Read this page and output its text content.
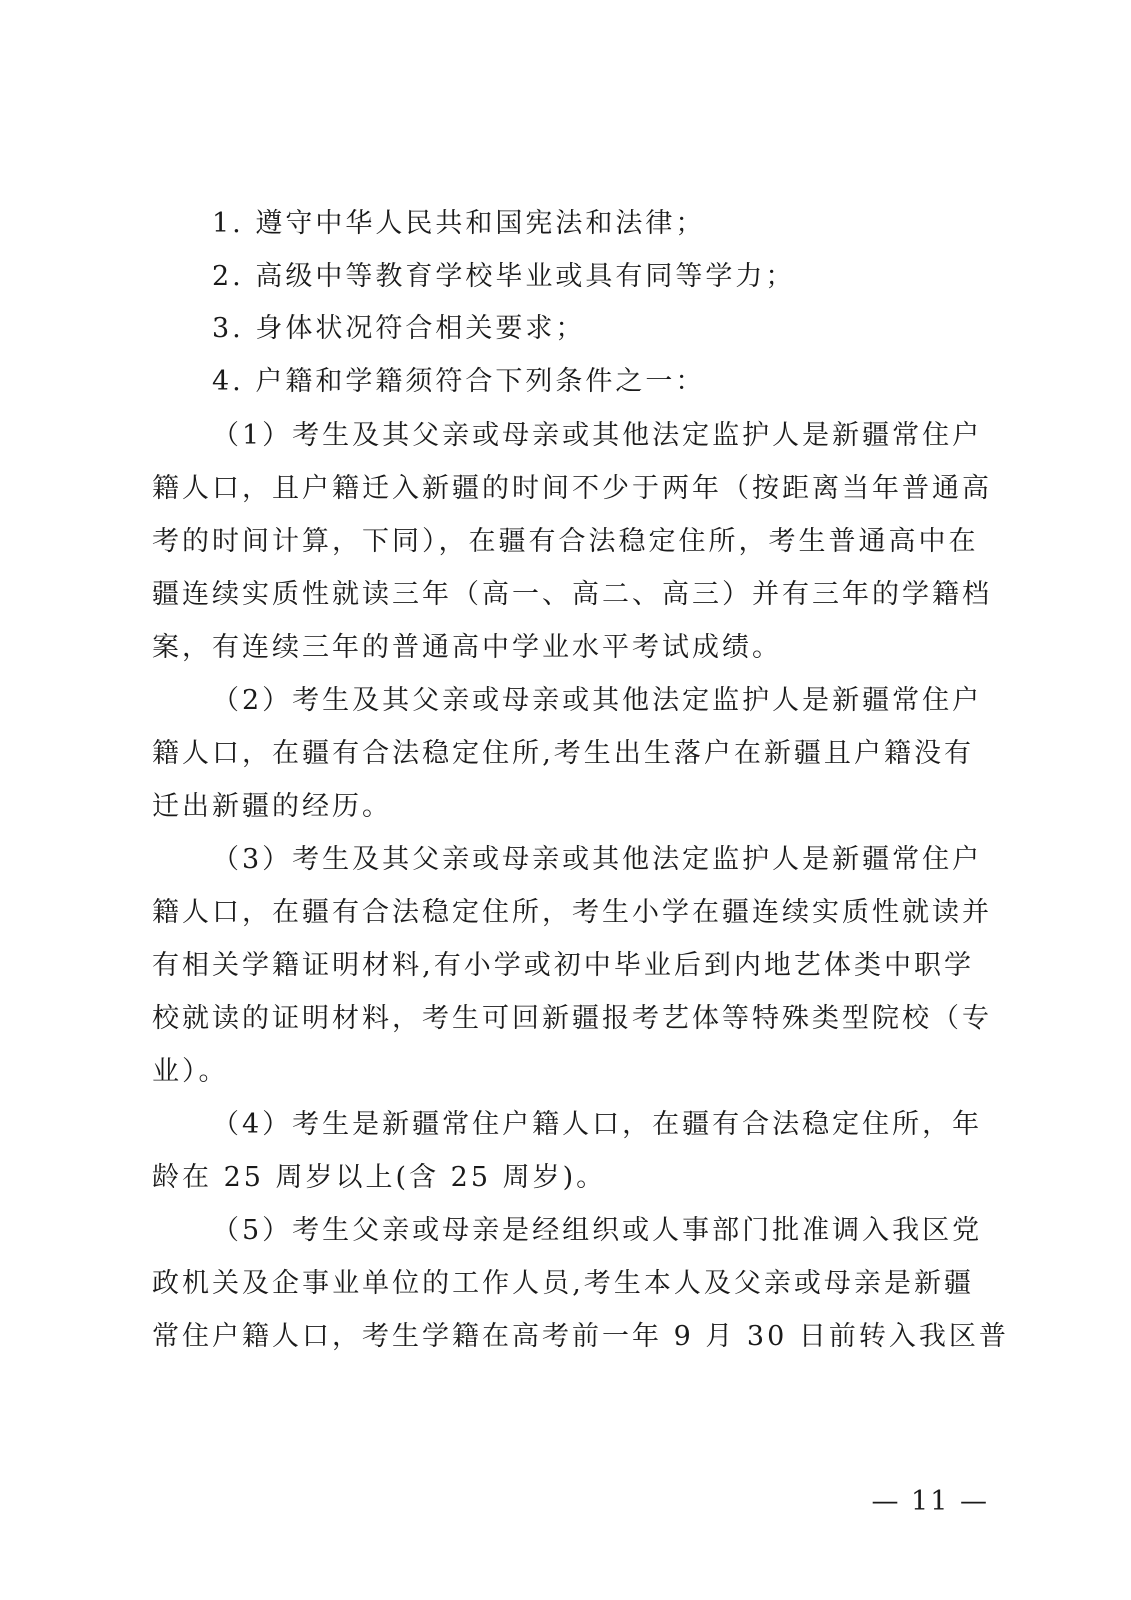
1. 遵守中华人民共和国宪法和法律；
2. 高级中等教育学校毕业或具有同等学力；
3. 身体状况符合相关要求；
4. 户籍和学籍须符合下列条件之一：
（1）考生及其父亲或母亲或其他法定监护人是新疆常住户
籍人口，且户籍迁入新疆的时间不少于两年（按距离当年普通高
考的时间计算，下同），在疆有合法稳定住所，考生普通高中在
疆连续实质性就读三年（高一、高二、高三）并有三年的学籍档
案，有连续三年的普通高中学业水平考试成绩。
（2）考生及其父亲或母亲或其他法定监护人是新疆常住户
籍人口，在疆有合法稳定住所,考生出生落户在新疆且户籍没有
迁出新疆的经历。
（3）考生及其父亲或母亲或其他法定监护人是新疆常住户
籍人口，在疆有合法稳定住所，考生小学在疆连续实质性就读并
有相关学籍证明材料,有小学或初中毕业后到内地艺体类中职学
校就读的证明材料，考生可回新疆报考艺体等特殊类型院校（专
业）。
（4）考生是新疆常住户籍人口，在疆有合法稳定住所，年
龄在 25 周岁以上(含 25 周岁)。
（5）考生父亲或母亲是经组织或人事部门批准调入我区党
政机关及企事业单位的工作人员,考生本人及父亲或母亲是新疆
常住户籍人口，考生学籍在高考前一年 9 月 30 日前转入我区普
— 11 —
